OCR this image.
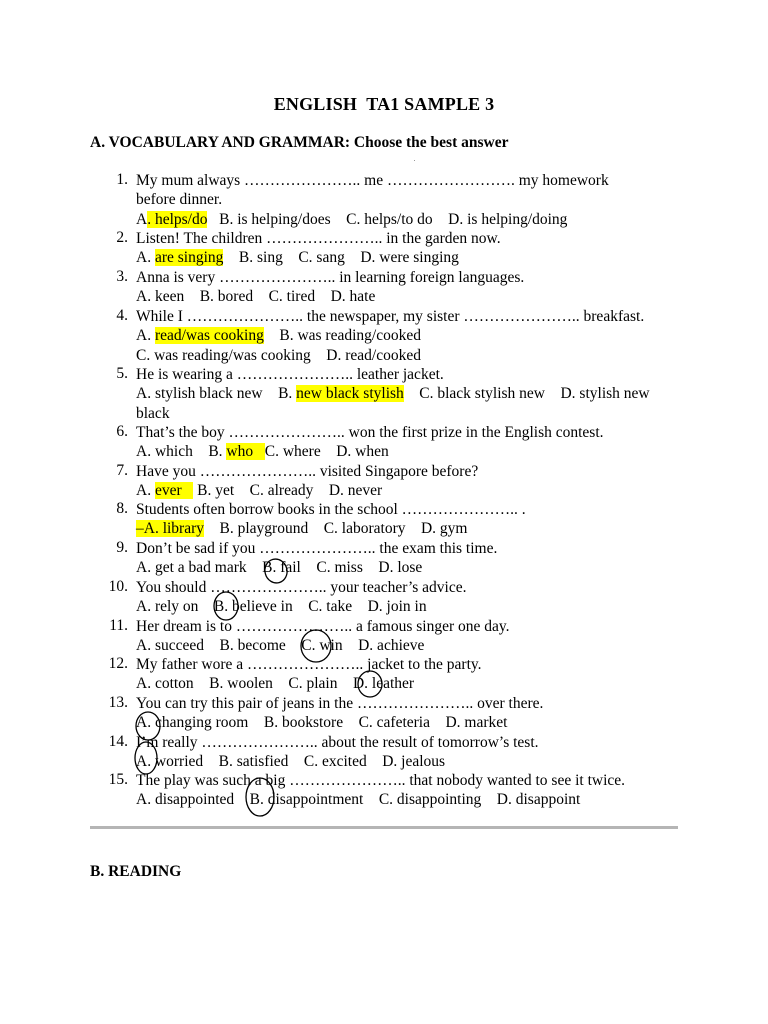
ENGLISH  TA1 SAMPLE 3
A. VOCABULARY AND GRAMMAR: Choose the best answer
1. My mum always ………………….. me ……………………. my homework
before dinner.
A. helps/do   B. is helping/does    C. helps/to do    D. is helping/doing
2. Listen! The children ………………….. in the garden now.
A. are singing    B. sing    C. sang    D. were singing
3. Anna is very ………………….. in learning foreign languages.
A. keen    B. bored    C. tired    D. hate
4. While I ………………….. the newspaper, my sister ………………….. breakfast.
A. read/was cooking    B. was reading/cooked
C. was reading/was cooking    D. read/cooked
5. He is wearing a ………………….. leather jacket.
A. stylish black new    B. new black stylish    C. black stylish new    D. stylish new
black
6. That’s the boy ………………….. won the first prize in the English contest.
A. which    B. who   C. where    D. when
7. Have you ………………….. visited Singapore before?
A. ever    B. yet    C. already    D. never
8. Students often borrow books in the school ………………….. .
–A. library    B. playground    C. laboratory    D. gym
9. Don’t be sad if you ………………….. the exam this time.
A. get a bad mark    B. fail    C. miss    D. lose
10. You should ………………….. your teacher’s advice.
A. rely on    B. believe in    C. take    D. join in
11. Her dream is to ………………….. a famous singer one day.
A. succeed    B. become    C. win    D. achieve
12. My father wore a ………………….. jacket to the party.
A. cotton    B. woolen    C. plain    D. leather
13. You can try this pair of jeans in the ………………….. over there.
A. changing room    B. bookstore    C. cafeteria    D. market
14. I’m really ………………….. about the result of tomorrow’s test.
A. worried    B. satisfied    C. excited    D. jealous
15. The play was such a big ………………….. that nobody wanted to see it twice.
A. disappointed    B. disappointment    C. disappointing    D. disappoint
B. READING
